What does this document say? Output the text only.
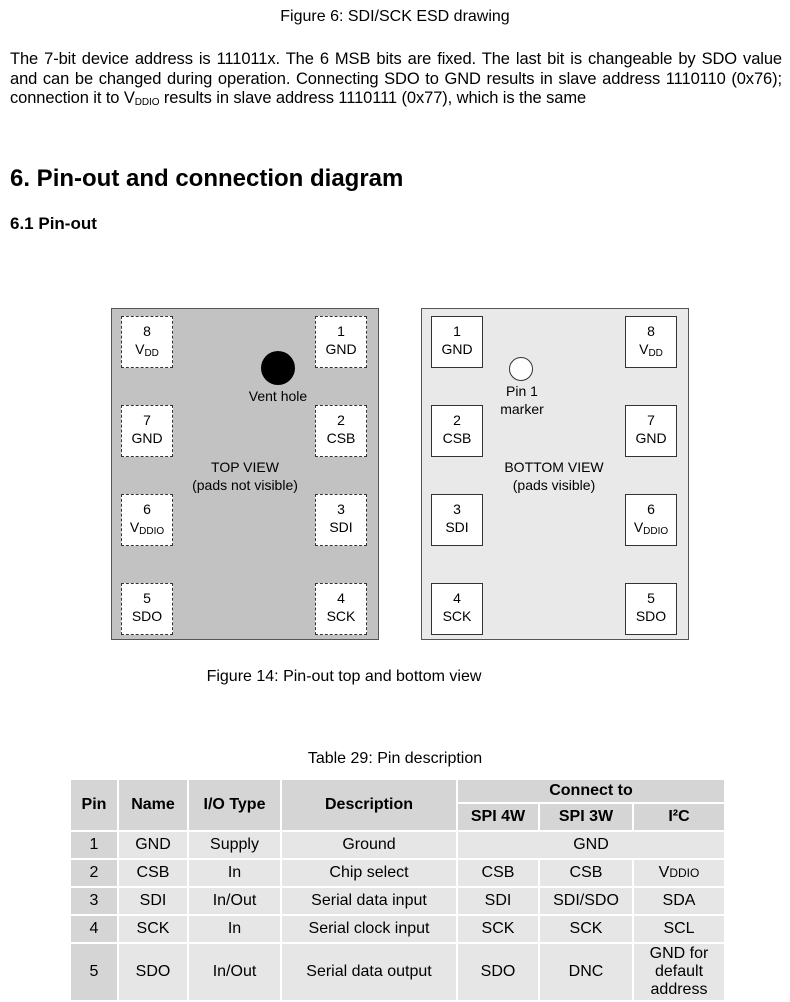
Figure 6: SDI/SCK ESD drawing
The 7-bit device address is 111011x. The 6 MSB bits are fixed. The last bit is changeable by SDO value and can be changed during operation. Connecting SDO to GND results in slave address 1110110 (0x76); connection it to $V_{DDIO}$ results in slave address 1110111 (0x77), which is the same
6. Pin-out and connection diagram
6.1 Pin-out
8
VDD
1
GND
7
GND
2
CSB
6
VDDIO
3
SDI
5
SDO
4
SCK
Vent hole
TOP VIEW
(pads not visible)
1
GND
8
VDD
2
CSB
7
GND
3
SDI
6
VDDIO
4
SCK
5
SDO
Pin 1
marker
BOTTOM VIEW
(pads visible)
Figure 14: Pin-out top and bottom view
Table 29: Pin description
Pin	Name	I/O Type	Description	Connect to		
				SPI 4W	SPI 3W	I²C
1	GND	Supply	Ground	GND		
2	CSB	In	Chip select	CSB	CSB	VDDIO
3	SDI	In/Out	Serial data input	SDI	SDI/SDO	SDA
4	SCK	In	Serial clock input	SCK	SCK	SCL
5	SDO	In/Out	Serial data output	SDO	DNC	GND for default address
